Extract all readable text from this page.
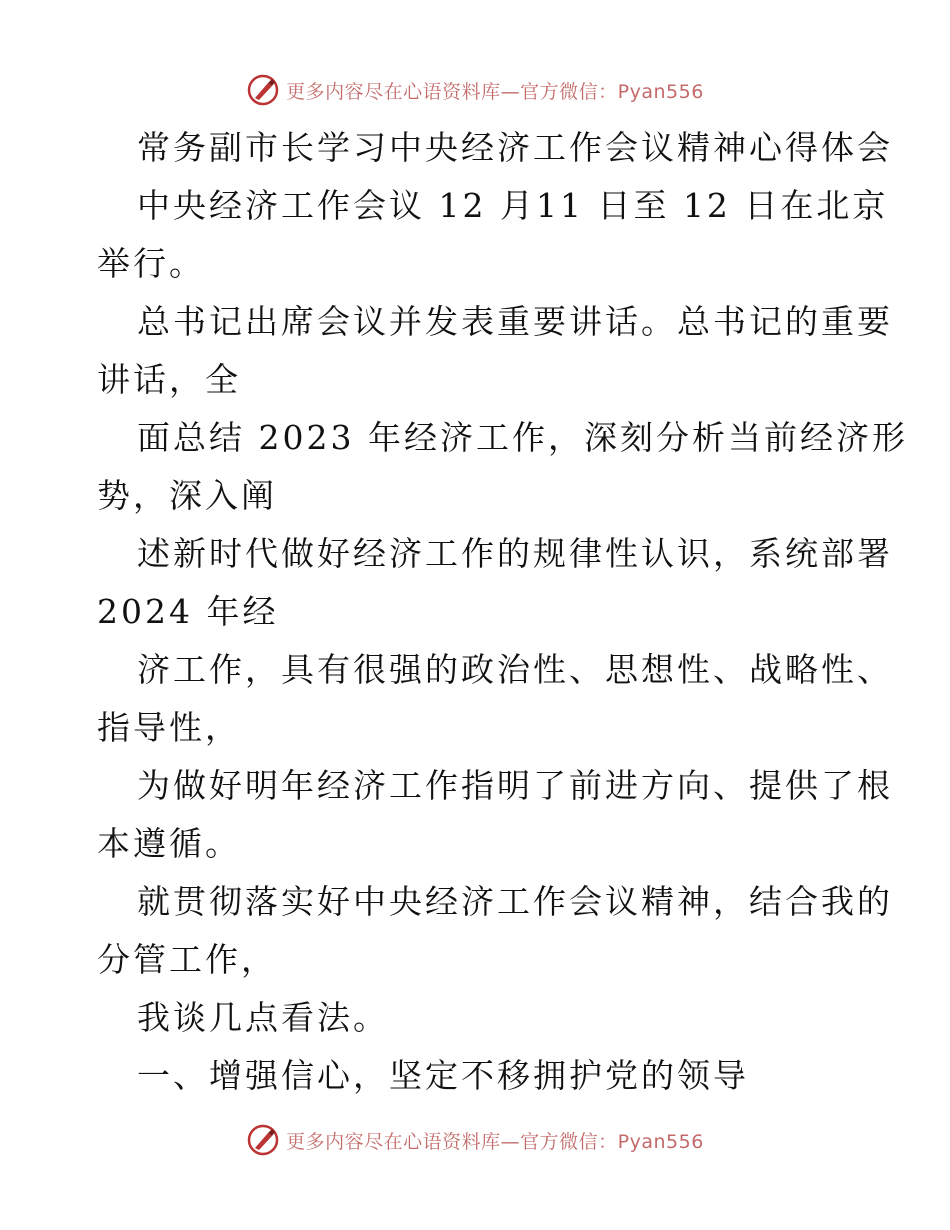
更多内容尽在心语资料库—官方微信：Pyan556
常务副市长学习中央经济工作会议精神心得体会
中央经济工作会议 12 月11 日至 12 日在北京
举行。
总书记出席会议并发表重要讲话。总书记的重要
讲话，全
面总结 2023 年经济工作，深刻分析当前经济形
势，深入阐
述新时代做好经济工作的规律性认识，系统部署
2024 年经
济工作，具有很强的政治性、思想性、战略性、
指导性，
为做好明年经济工作指明了前进方向、提供了根
本遵循。
就贯彻落实好中央经济工作会议精神，结合我的
分管工作，
我谈几点看法。
一、增强信心，坚定不移拥护党的领导
更多内容尽在心语资料库—官方微信：Pyan556
